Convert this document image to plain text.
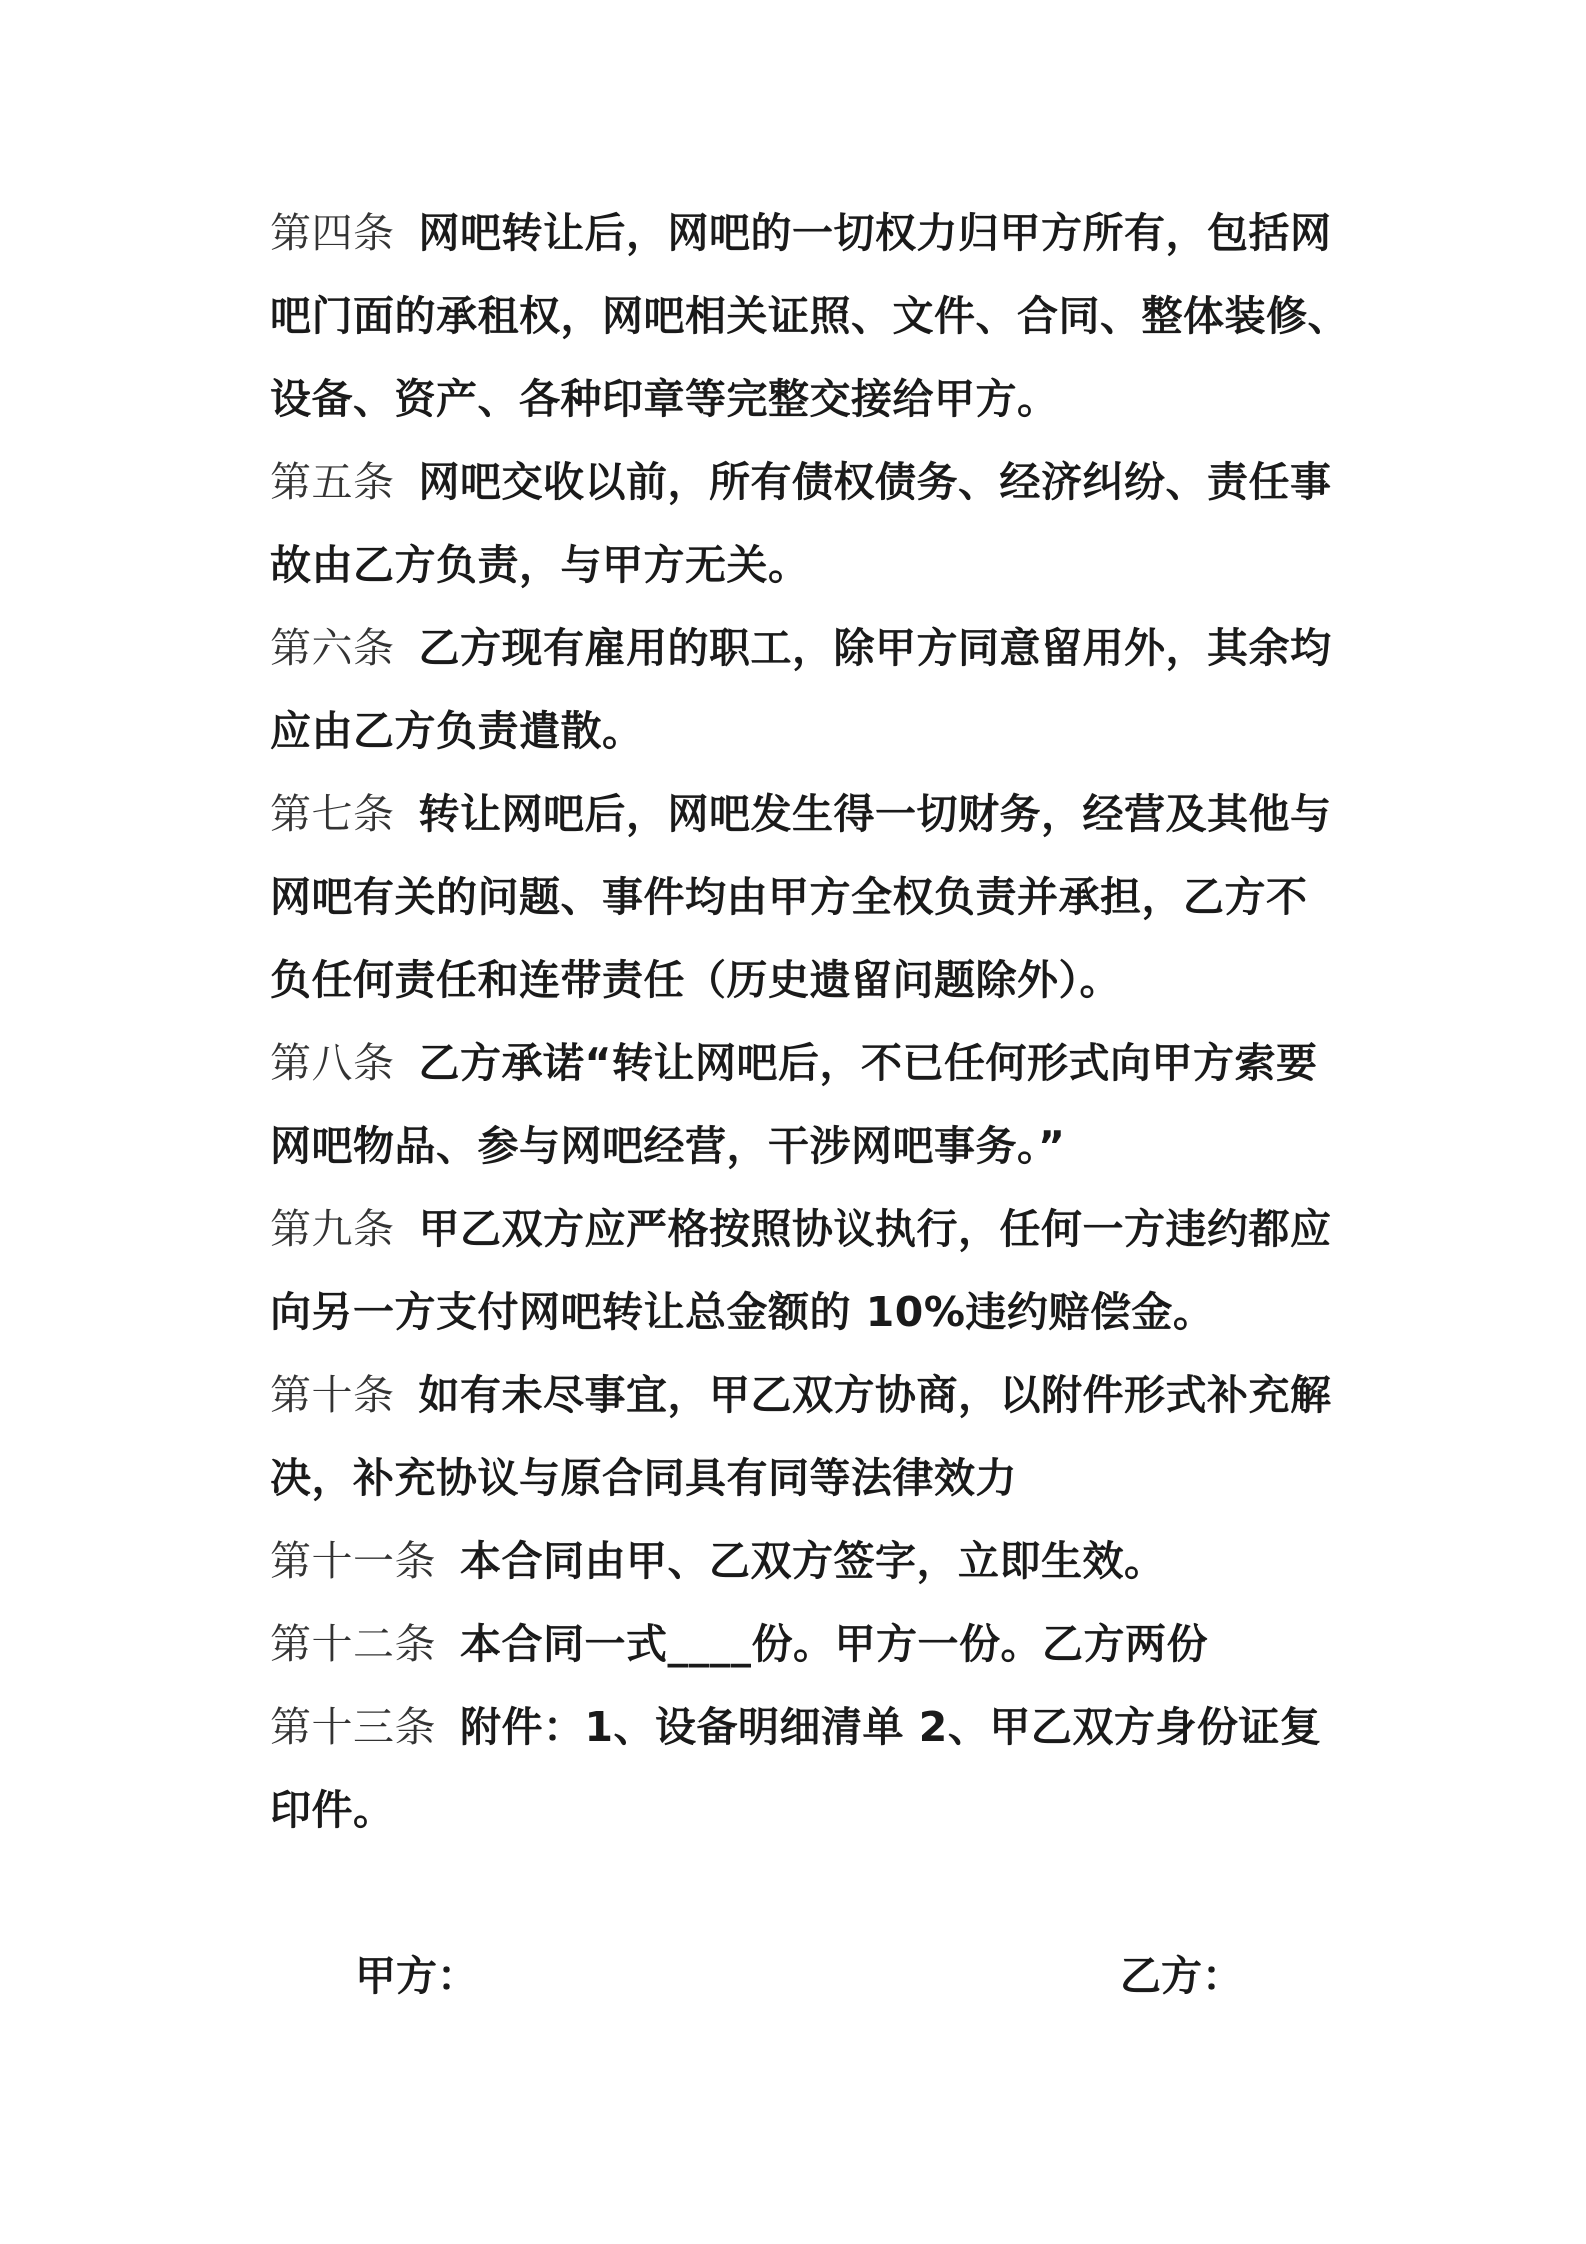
第四条 网吧转让后，网吧的一切权力归甲方所有，包括网
吧门面的承租权，网吧相关证照、文件、合同、整体装修、
设备、资产、各种印章等完整交接给甲方。
第五条 网吧交收以前，所有债权债务、经济纠纷、责任事
故由乙方负责，与甲方无关。
第六条 乙方现有雇用的职工，除甲方同意留用外，其余均
应由乙方负责遣散。
第七条 转让网吧后，网吧发生得一切财务，经营及其他与
网吧有关的问题、事件均由甲方全权负责并承担，乙方不
负任何责任和连带责任（历史遗留问题除外）。
第八条 乙方承诺“转让网吧后，不已任何形式向甲方索要
网吧物品、参与网吧经营，干涉网吧事务。”
第九条 甲乙双方应严格按照协议执行，任何一方违约都应
向另一方支付网吧转让总金额的 10%违约赔偿金。
第十条 如有未尽事宜，甲乙双方协商，以附件形式补充解
决，补充协议与原合同具有同等法律效力
第十一条 本合同由甲、乙双方签字，立即生效。
第十二条 本合同一式____份。甲方一份。乙方两份
第十三条 附件：1、设备明细清单 2、甲乙双方身份证复
印件。
甲方：	乙方：
